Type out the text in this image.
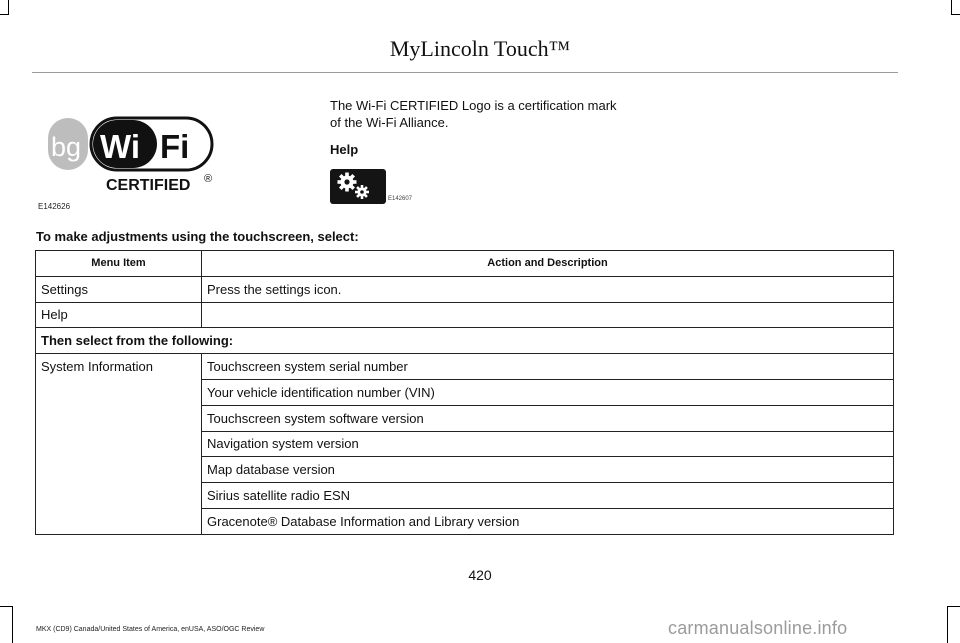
MyLincoln Touch™
bg Wi Fi
CERTIFIED ®
E142626

The Wi-Fi CERTIFIED Logo is a certification mark of the Wi-Fi Alliance.

Help

E142607

To make adjustments using the touchscreen, select:

Menu Item	Action and Description
Settings	Press the settings icon.
Help	
Then select from the following:	
System Information	Touchscreen system serial number
	Your vehicle identification number (VIN)
	Touchscreen system software version
	Navigation system version
	Map database version
	Sirius satellite radio ESN
	Gracenote® Database Information and Library version
420
MKX (CD9) Canada/United States of America, enUSA, ASO/OGC Review	carmanualsonline.info
